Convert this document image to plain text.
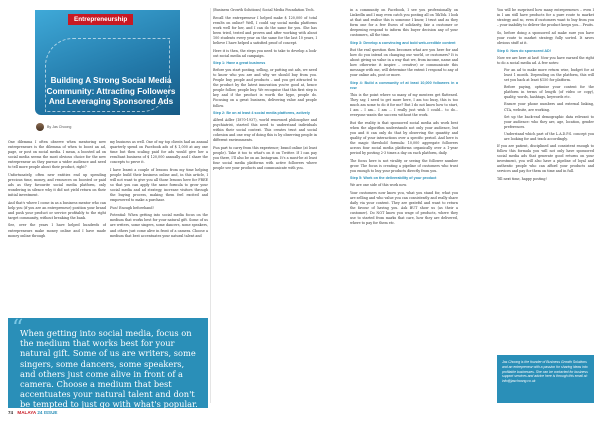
Entrepreneurship
Building A Strong Social Media Community: Attracting Followers And Leveraging Sponsored Ads
By Jas Choong

One dilemma I often observe when mentoring new entrepreneurs is the dilemma of when to boost an ad, page, or post on social media. I mean, a boosted ad on social media seems the most obvious choice for the new entrepreneur as they pursue a wider audience and need to tell more people about their product, right?

Unfortunately, often new entities end up spending precious time, money, and resources on boosted or paid ads as they favourite social media platform, only wondering in silence why it did not yield return on their initial investment.

And that's where I come in as a business mentor who can help you (if you are an entrepreneur) position your brand and push your product or service profitably to the right target community, without breaking the bank.

See, over the years I have helped hundreds of entrepreneurs make money online and I have made money online through

my business as well. One of my top clients had an annual quarterly spend on Facebook ads of $ 1,000 at any one time but then scaling paid for ads would give her a resultant business of $ 120,000 annually and I share the concepts to prove it.

I have learnt a couple of lessons from my time helping people build their business online and, in this article, I will not want to give you all those lessons here for FREE so that you can apply the same formula to grow your social media and ad strategy, increase visitors through the buying process, making them feel excited and empowered to make a purchase.

Fun! Enough beforehand!

Potential: When getting into social media focus on the medium that works best for your natural gift. Some of us are writers, some singers, some dancers, some speakers, and others just come alive in front of a camera. Choose a medium that best accentuates your natural talent and

“
When getting into social media, focus on the medium that works best for your natural gift. Some of us are writers, some singers, some dancers, some speakers, and others just come alive in front of a camera. Choose a medium that best accentuates your natural talent and don't be tempted to just go with what's popular.

(Business Growth Solutions) Social Media Foundation Tech.

Recall the entrepreneur I helped make $ 120,000 of total results on online? Well, I could say social media platforms work well for her, and I can do the same for you. She has been tried, tested and proven and after working with about 100 students every year on the same for the last 10 years, I believe I have helped a satisfied proof of concept.

Here it is then, the steps you need to take to develop a look-out social media ad campaign.

Step 1: Have a great business

Before you start posting, selling, or putting out ads, we need to know who you are and why we should buy from you. People buy people and products – and you get attracted to the product by the latest innovation you're good at, hence people follow, people buy. We recognise that this first step is key and if the product is worth the hype, people do. Focusing on a great business, delivering value and people follow.

Step 2: Be on at least 4 social media platforms, actively

Alfred Adler (1870-1937), world renowned philosopher and psychiatrist, started this need to understand individuals within their social context. This creates trust and social cohesion and one way of doing this is by observing people in different environments.

Fun part to carry from this experience; brand online (at least people). Take it too to what's on it on Twitter. If I can pay you there, I'll also be on an Instagram. It's a must-be at least four social media platforms with active followers where people see your products and communicate with you.

in a community on Facebook, I see you professionally on LinkedIn and I may even catch you posting all on TikTok. I look at that and realise this is someone I know, I trust and as they form one for a few Euros of solidarity, fair a customer or deepening respond to inform this buyer decision any of your customers, all the time.

Step 3: Develop a convincing and bold web-credible content

But the real question then becomes what are you here for and how do you intend on changing our world, or customers? It is about giving us value in a way that we, from income, name and how otherwise it inspire – creative) or communicate this message with me, will determine the extent I respond to any of your online ads, post or more.

Step 4: Build a community of at least 10,000 followers in a row

This is the point where so many of my mentees get flattened. They say, I need to get more here, I am too busy, this is too much am some to do it for me? But I do not know how to start, I am – I am... I am ... I really just wish I could... to do... everyone wants the success without the work.

But the reality is that sponsored social media ads work best when the algorithm understands not only your audience, but you and it can only do that by observing the quantity and quality of your interactions over a specific period. And here is the magic threshold formula: 10,000 aggregate followers across four social media platforms organically over a 1-year period by posting 2-3 times a day on each platform, daily.

The focus here is not virality or seeing the follower number grow. The focus is creating a pipeline of customers who trust you enough to buy your products directly from you.

Step 5: Work on the deliverability of your product

We are one side of this work now.

Your customers now know you, what you stand for, what you are selling and who value you can consistently and really share daily via your content. They are grateful and want to return the favour of having you. Ask BUT show us (as their a customer). Do NOT know you wage of products, where they use to started from marks that care, how they are delivered, where to pay for them etc.

You will be surprised how many entrepreneurs – even I in I am still have products for a pure route to market strategy and so, even if customers want to buy from you – your inability to deliver the product keeps you... Fruits.

So, before doing a sponsored ad make sure you have your route to market strategy fully sorted. It saves obvious stuff at it.

Step 6: Now do sponsored AD!

Now we are here at last! Now you have earned the right to do a social media ad. A few notes:

• For an ad to make more return wise, budget for at least 1 month. Depending on the platform, this will set you back at least $150 for platform.
• Before paying, optimise your content for the platform in terms of length (of video or copy), quality, words, hashtags, keywords etc.
• Ensure your phone numbers and external linking, CTA, website, are working.
• Set up the back-end demographic data relevant to your audience: who they are, age, location, gender preferences.
• Understand which part of the L.A.D.P.S. concept you are looking for and track accordingly.

If you are patient, disciplined and consistent enough to follow this formula you will not only have sponsored social media ads that generate good returns on your investment, you will also have a pipeline of loyal and authentic people who can afford your products and services and pay for them on time and in full.

Till next time, happy posting!

Jas Choong is the founder of Business Growth Solutions and an entrepreneur with a passion for sharing ideas into profitable businesses. She can be contacted for business support services and advice here is through this email at: info@jaschoong.co.uk
74 MALAYA 24 ISSUE
